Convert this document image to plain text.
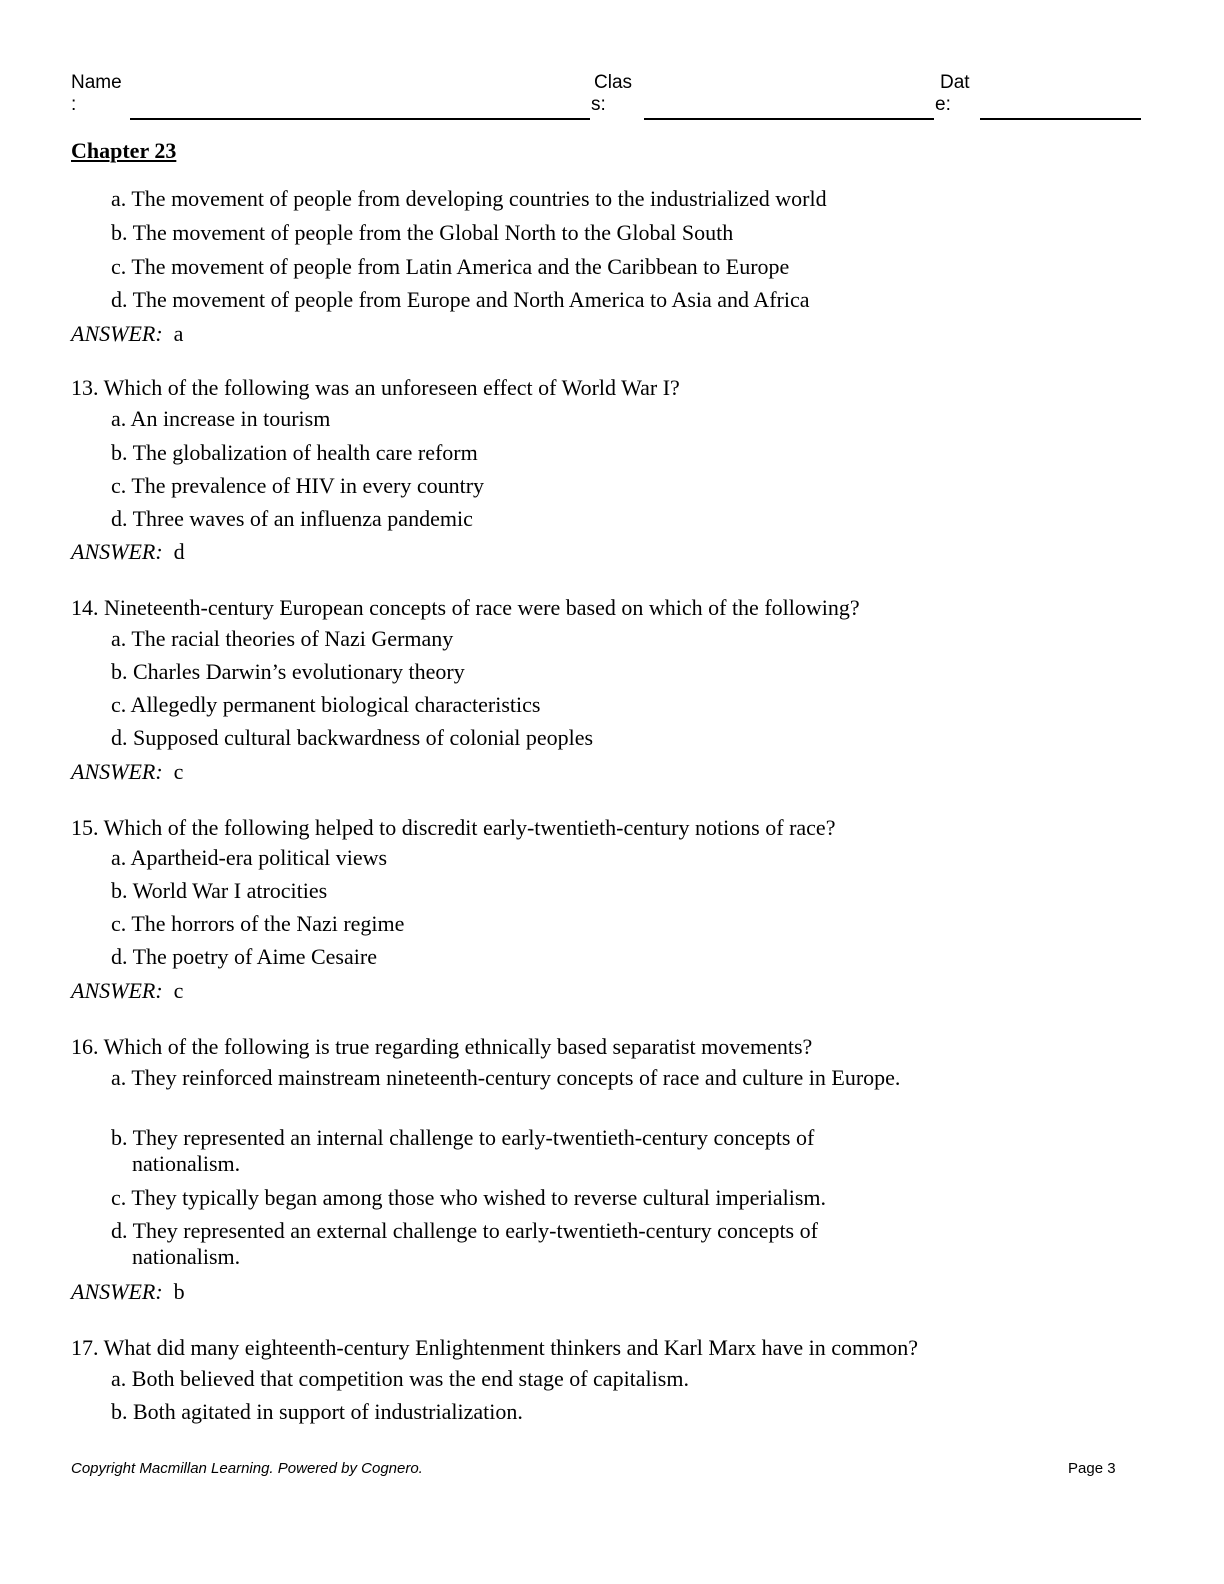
Name
:
Clas
s:
Dat
e:
Chapter 23
a. The movement of people from developing countries to the industrialized world
b. The movement of people from the Global North to the Global South
c. The movement of people from Latin America and the Caribbean to Europe
d. The movement of people from Europe and North America to Asia and Africa
ANSWER: a
13. Which of the following was an unforeseen effect of World War I?
a. An increase in tourism
b. The globalization of health care reform
c. The prevalence of HIV in every country
d. Three waves of an influenza pandemic
ANSWER: d
14. Nineteenth-century European concepts of race were based on which of the following?
a. The racial theories of Nazi Germany
b. Charles Darwin’s evolutionary theory
c. Allegedly permanent biological characteristics
d. Supposed cultural backwardness of colonial peoples
ANSWER: c
15. Which of the following helped to discredit early-twentieth-century notions of race?
a. Apartheid-era political views
b. World War I atrocities
c. The horrors of the Nazi regime
d. The poetry of Aime Cesaire
ANSWER: c
16. Which of the following is true regarding ethnically based separatist movements?
a. They reinforced mainstream nineteenth-century concepts of race and culture in Europe.
b. They represented an internal challenge to early-twentieth-century concepts of nationalism.
c. They typically began among those who wished to reverse cultural imperialism.
d. They represented an external challenge to early-twentieth-century concepts of nationalism.
ANSWER: b
17. What did many eighteenth-century Enlightenment thinkers and Karl Marx have in common?
a. Both believed that competition was the end stage of capitalism.
b. Both agitated in support of industrialization.
Copyright Macmillan Learning. Powered by Cognero.	Page 3
